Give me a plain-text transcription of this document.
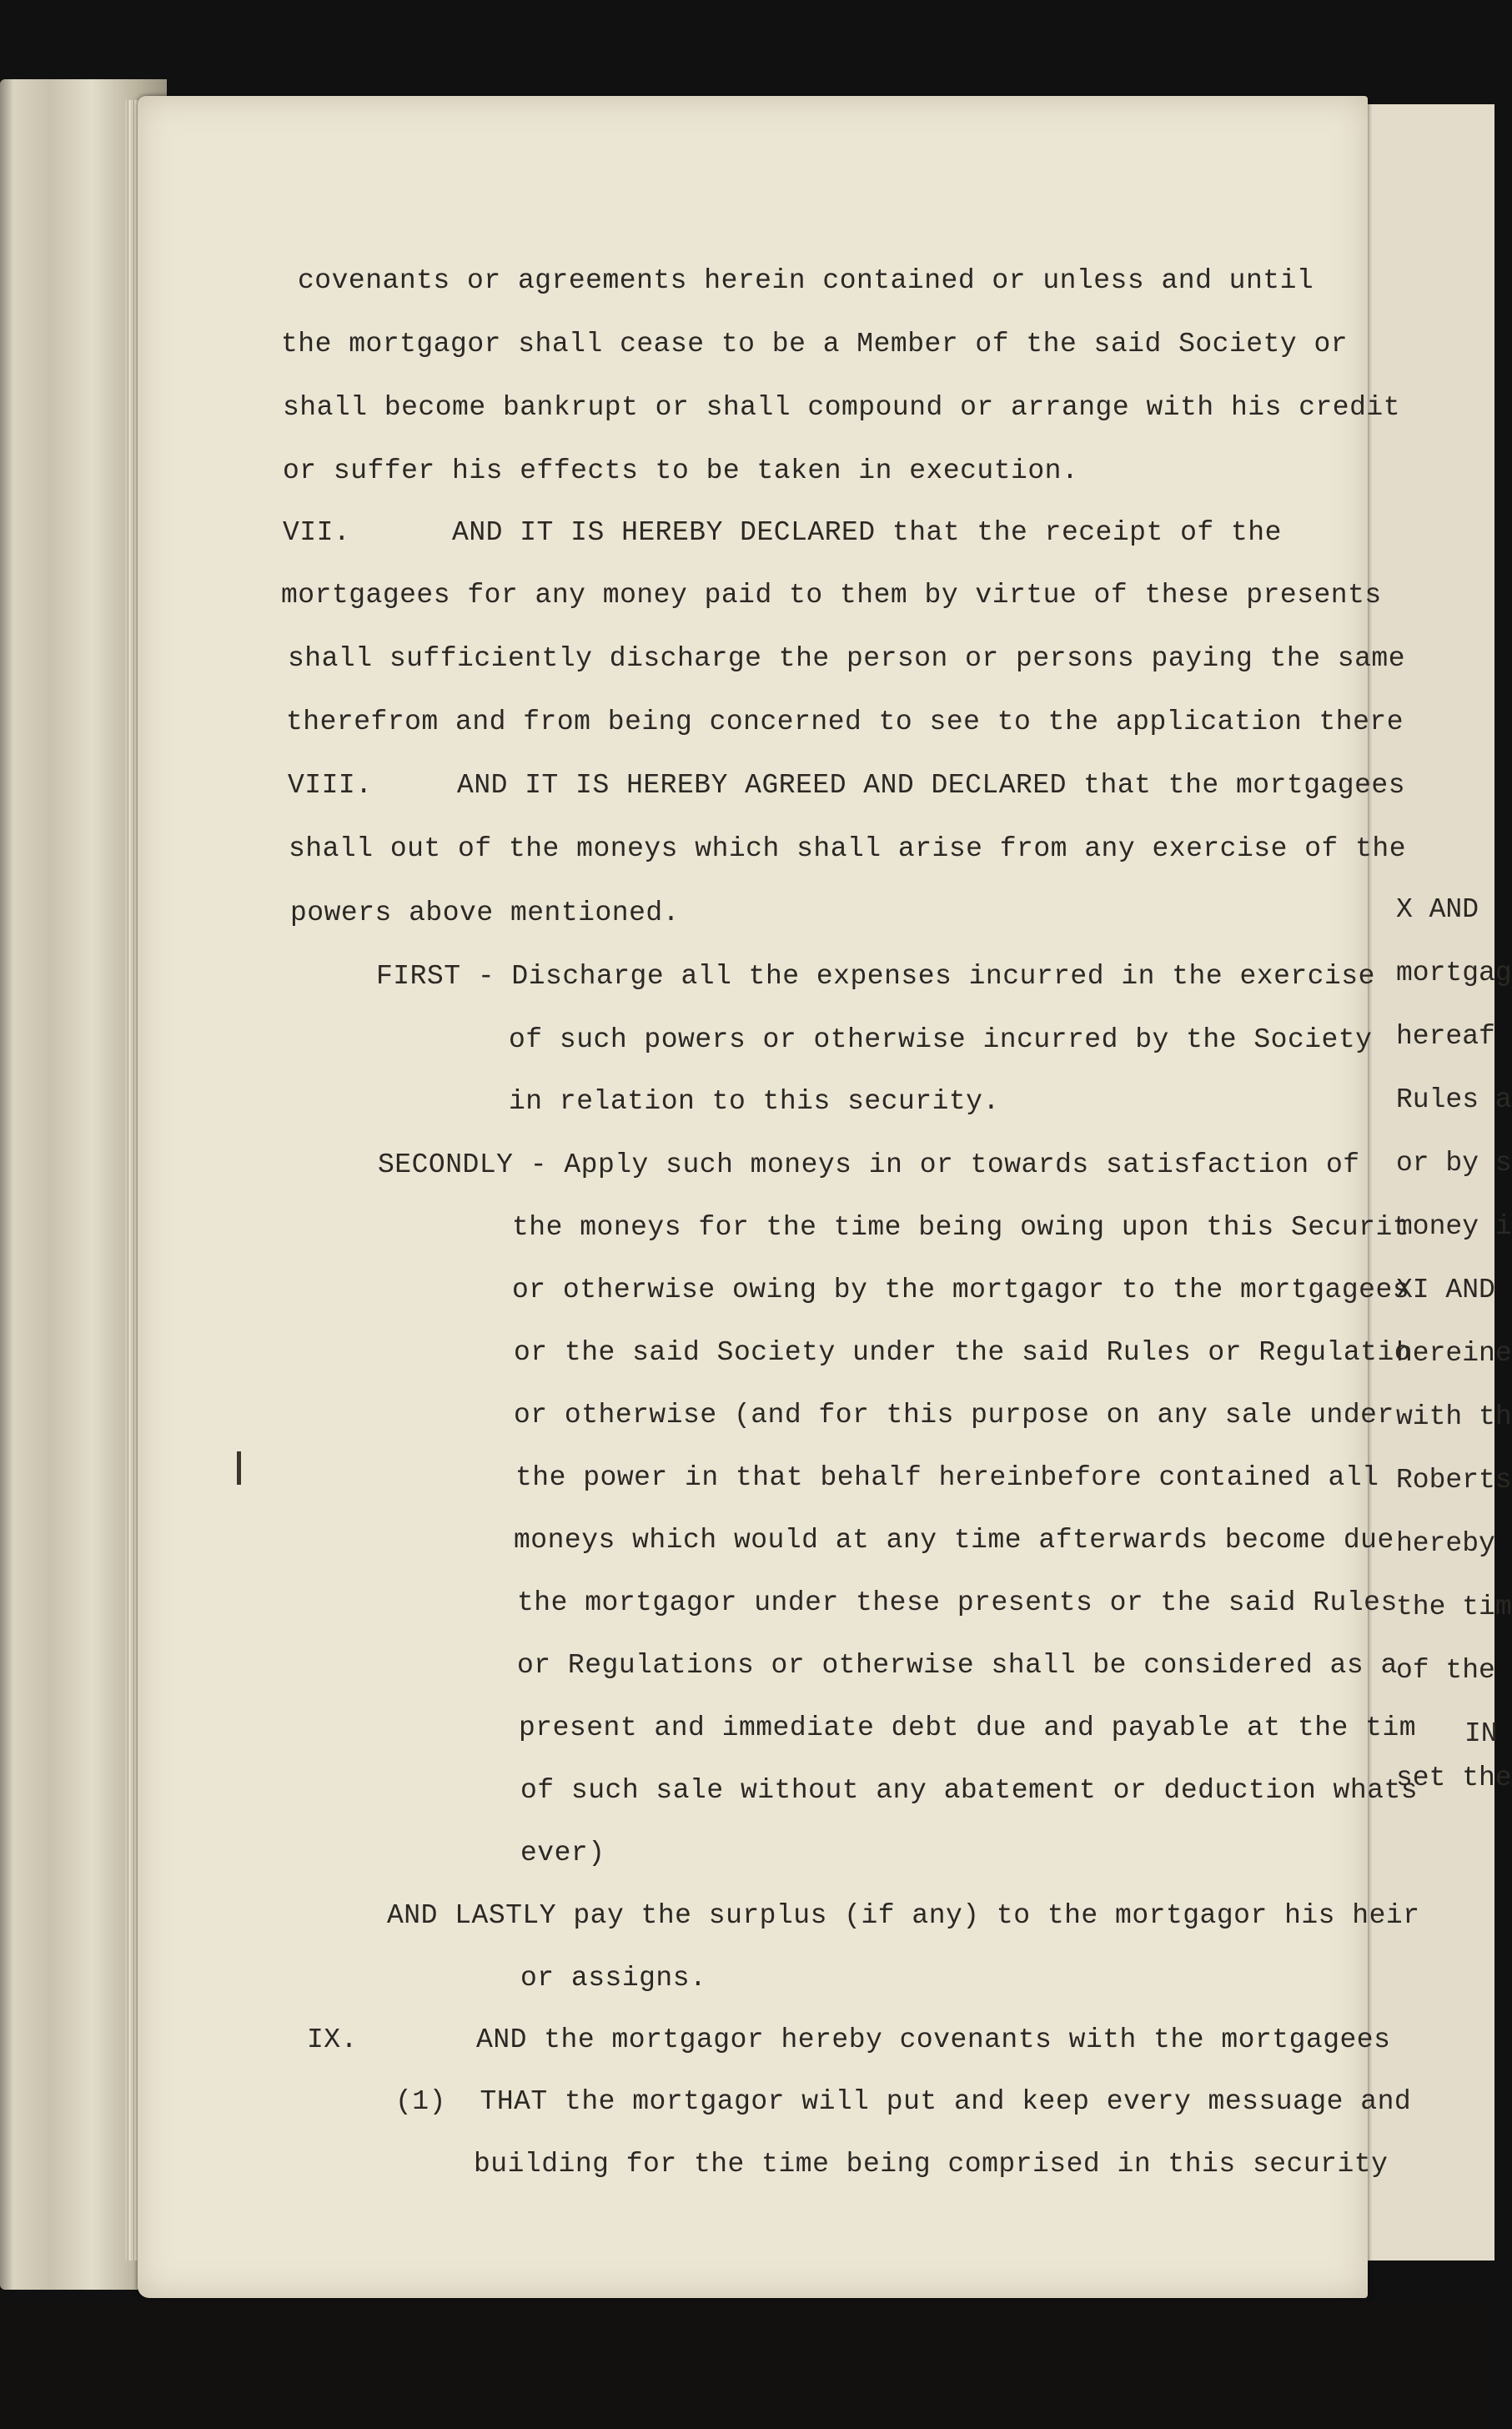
covenants or agreements herein contained or unless and until
the mortgagor shall cease to be a Member of the said Society or
shall become bankrupt or shall compound or arrange with his credit
or suffer his effects to be taken in execution.
VII.      AND IT IS HEREBY DECLARED that the receipt of the
mortgagees for any money paid to them by virtue of these presents
shall sufficiently discharge the person or persons paying the same
therefrom and from being concerned to see to the application there
VIII.     AND IT IS HEREBY AGREED AND DECLARED that the mortgagees
shall out of the moneys which shall arise from any exercise of the
powers above mentioned.
FIRST - Discharge all the expenses incurred in the exercise
of such powers or otherwise incurred by the Society
in relation to this security.
SECONDLY - Apply such moneys in or towards satisfaction of
the moneys for the time being owing upon this Securit
or otherwise owing by the mortgagor to the mortgagees
or the said Society under the said Rules or Regulatio
or otherwise (and for this purpose on any sale under
the power in that behalf hereinbefore contained all
moneys which would at any time afterwards become due
the mortgagor under these presents or the said Rules
or Regulations or otherwise shall be considered as a
present and immediate debt due and payable at the tim
of such sale without any abatement or deduction whats
ever)
AND LASTLY pay the surplus (if any) to the mortgagor his heir
or assigns.
IX.       AND the mortgagor hereby covenants with the mortgagees
(1)  THAT the mortgagor will put and keep every messuage and
building for the time being comprised in this security
X AND
mortgag
hereaf
Rules a
or by s
money i
XI AND
hereine
with th
Roberts
hereby
the tim
of the
IN
set the
